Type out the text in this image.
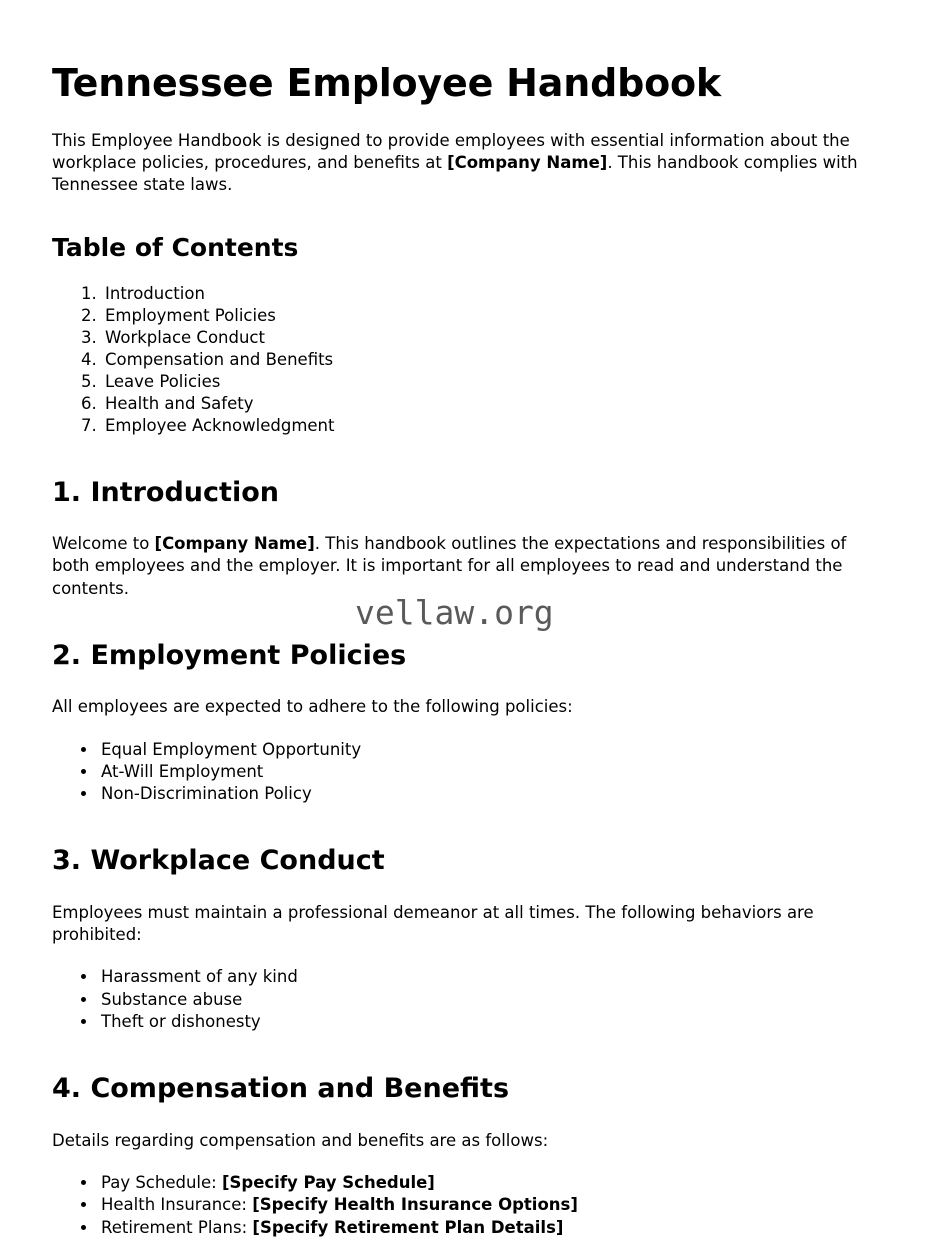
Tennessee Employee Handbook

This Employee Handbook is designed to provide employees with essential information about the workplace policies, procedures, and benefits at [Company Name]. This handbook complies with Tennessee state laws.

Table of Contents
1. Introduction
2. Employment Policies
3. Workplace Conduct
4. Compensation and Benefits
5. Leave Policies
6. Health and Safety
7. Employee Acknowledgment
1. Introduction

Welcome to [Company Name]. This handbook outlines the expectations and responsibilities of both employees and the employer. It is important for all employees to read and understand the contents.

2. Employment Policies

All employees are expected to adhere to the following policies:

• Equal Employment Opportunity
• At-Will Employment
• Non-Discrimination Policy
3. Workplace Conduct

Employees must maintain a professional demeanor at all times. The following behaviors are prohibited:

• Harassment of any kind
• Substance abuse
• Theft or dishonesty
4. Compensation and Benefits

Details regarding compensation and benefits are as follows:

• Pay Schedule: [Specify Pay Schedule]
• Health Insurance: [Specify Health Insurance Options]
• Retirement Plans: [Specify Retirement Plan Details]
vellaw.org
